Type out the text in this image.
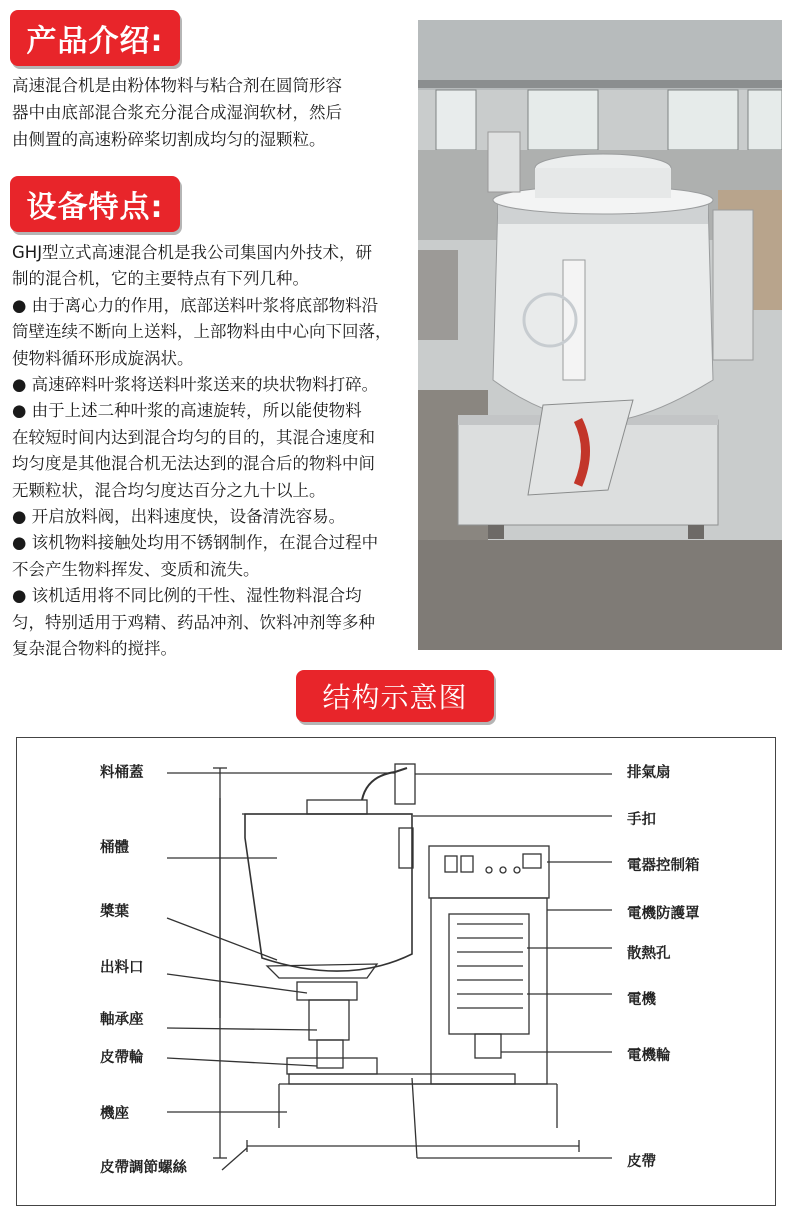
产品介绍:
高速混合机是由粉体物料与粘合剂在圆筒形容
器中由底部混合浆充分混合成湿润软材，然后
由侧置的高速粉碎桨切割成均匀的湿颗粒。
设备特点:

GHJ型立式高速混合机是我公司集国内外技术，研

制的混合机，它的主要特点有下列几种。

● 由于离心力的作用，底部送料叶浆将底部物料沿

筒壁连续不断向上送料，上部物料由中心向下回落，

使物料循环形成旋涡状。

● 高速碎料叶浆将送料叶浆送来的块状物料打碎。

● 由于上述二种叶浆的高速旋转，所以能使物料

在较短时间内达到混合均匀的目的，其混合速度和

均匀度是其他混合机无法达到的混合后的物料中间

无颗粒状，混合均匀度达百分之九十以上。

● 开启放料阀，出料速度快，设备清洗容易。

● 该机物料接触处均用不锈钢制作，在混合过程中

不会产生物料挥发、变质和流失。

● 该机适用将不同比例的干性、湿性物料混合均

匀，特别适用于鸡精、药品冲剂、饮料冲剂等多种

复杂混合物料的搅拌。

结构示意图
料桶蓋
桶體
槳葉
出料口
軸承座
皮帶輪
機座
皮帶調節螺絲
排氣扇
手扣
電器控制箱
電機防護罩
散熱孔
電機
電機輪
皮帶
